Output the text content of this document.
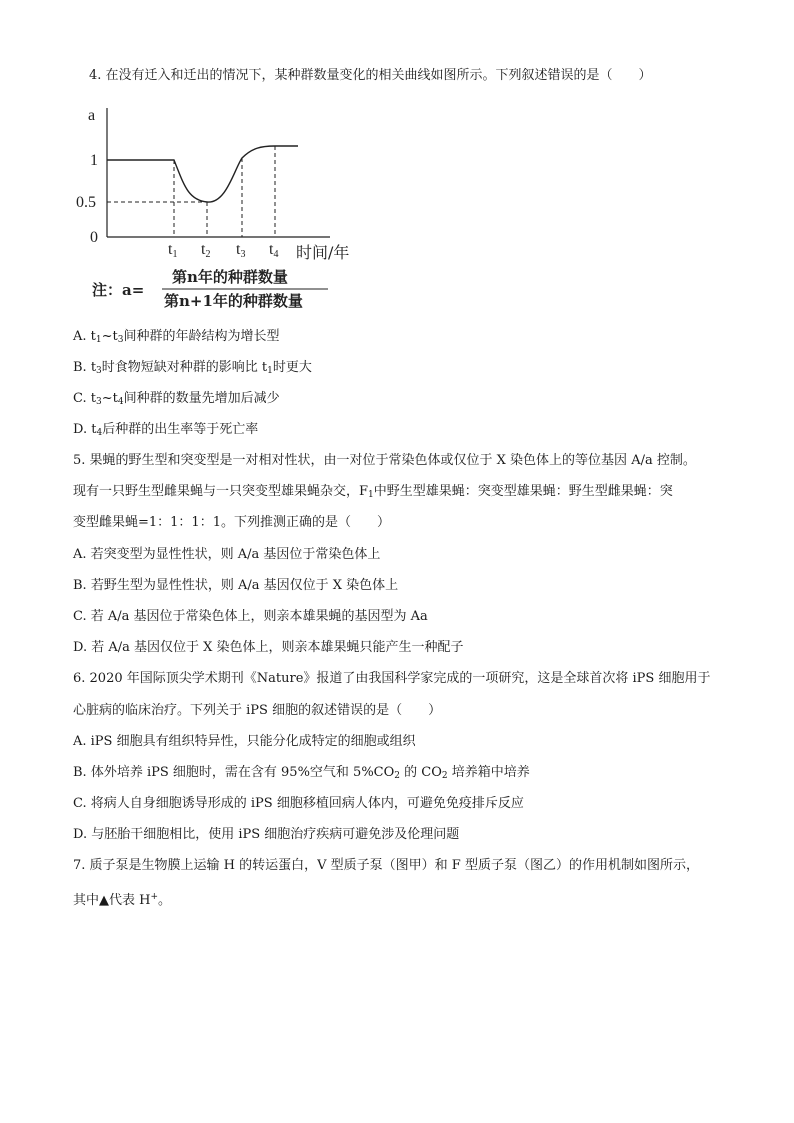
4. 在没有迁入和迁出的情况下，某种群数量变化的相关曲线如图所示。下列叙述错误的是（　　）
a
1
0.5
0
t1 t2 t3 t4 时间/年
注：a=
第n年的种群数量
第n+1年的种群数量
A. $t_1\sim t_3$间种群的年龄结构为增长型
B. $t_3$时食物短缺对种群的影响比 $t_1$时更大
C. $t_3\sim t_4$间种群的数量先增加后减少
D. $t_4$后种群的出生率等于死亡率
5. 果蝇的野生型和突变型是一对相对性状，由一对位于常染色体或仅位于 X 染色体上的等位基因 A/a 控制。
现有一只野生型雌果蝇与一只突变型雄果蝇杂交，$F_1$中野生型雄果蝇：突变型雄果蝇：野生型雌果蝇：突
变型雌果蝇=1：1：1：1。下列推测正确的是（　　）
A. 若突变型为显性性状，则 A/a 基因位于常染色体上
B. 若野生型为显性性状，则 A/a 基因仅位于 X 染色体上
C. 若 A/a 基因位于常染色体上，则亲本雄果蝇的基因型为 Aa
D. 若 A/a 基因仅位于 X 染色体上，则亲本雄果蝇只能产生一种配子
6. 2020 年国际顶尖学术期刊《Nature》报道了由我国科学家完成的一项研究，这是全球首次将 iPS 细胞用于
心脏病的临床治疗。下列关于 iPS 细胞的叙述错误的是（　　）
A. iPS 细胞具有组织特异性，只能分化成特定的细胞或组织
B. 体外培养 iPS 细胞时，需在含有 95%空气和 $5\%CO_2$ 的 $CO_2$ 培养箱中培养
C. 将病人自身细胞诱导形成的 iPS 细胞移植回病人体内，可避免免疫排斥反应
D. 与胚胎干细胞相比，使用 iPS 细胞治疗疾病可避免涉及伦理问题
7. 质子泵是生物膜上运输 H 的转运蛋白，V 型质子泵（图甲）和 F 型质子泵（图乙）的作用机制如图所示，
其中▲代表 H+。
